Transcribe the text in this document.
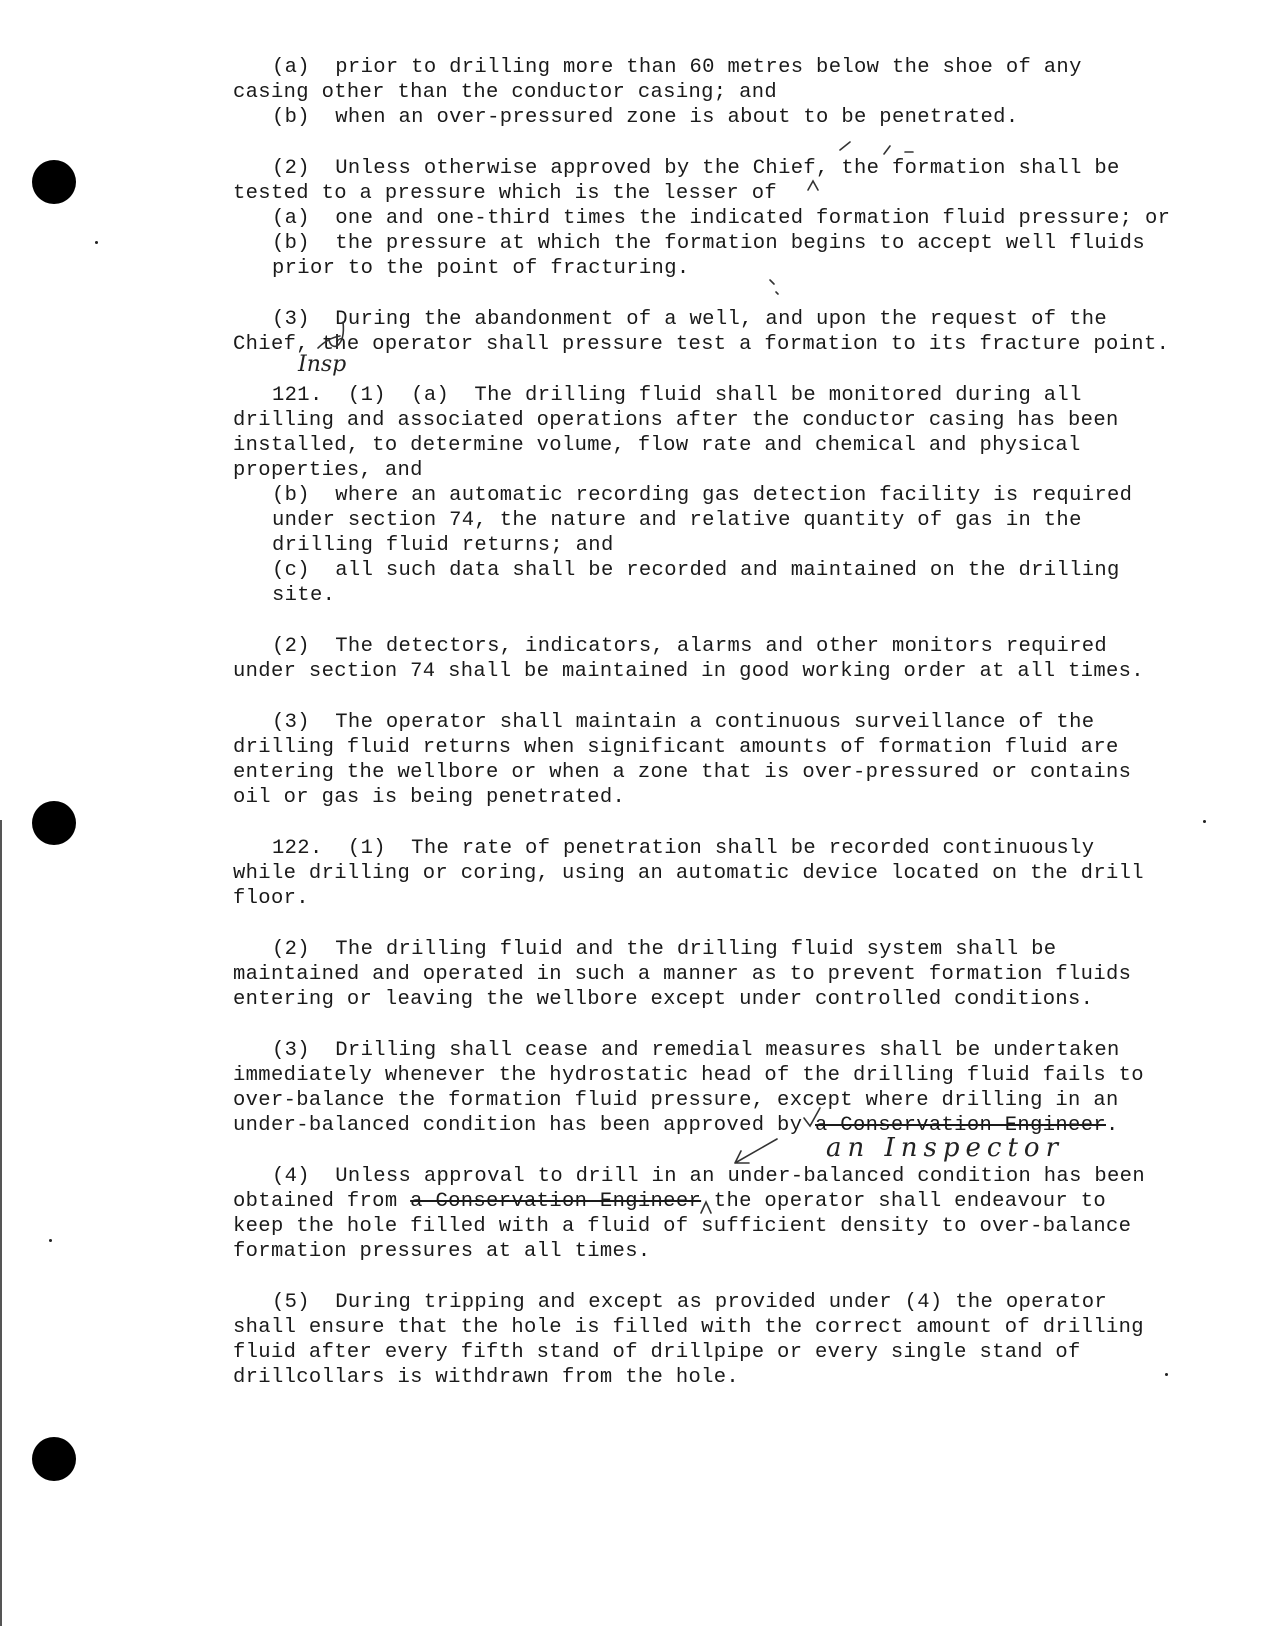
(a)  prior to drilling more than 60 metres below the shoe of any
casing other than the conductor casing; and
(b)  when an over-pressured zone is about to be penetrated.
(2)  Unless otherwise approved by the Chief, the formation shall be
tested to a pressure which is the lesser of
(a)  one and one-third times the indicated formation fluid pressure; or
(b)  the pressure at which the formation begins to accept well fluids
prior to the point of fracturing.
(3)  During the abandonment of a well, and upon the request of the
Chief, the operator shall pressure test a formation to its fracture point.
Insp
121.  (1)  (a)  The drilling fluid shall be monitored during all
drilling and associated operations after the conductor casing has been
installed, to determine volume, flow rate and chemical and physical
properties, and
(b)  where an automatic recording gas detection facility is required
under section 74, the nature and relative quantity of gas in the
drilling fluid returns; and
(c)  all such data shall be recorded and maintained on the drilling
site.
(2)  The detectors, indicators, alarms and other monitors required
under section 74 shall be maintained in good working order at all times.
(3)  The operator shall maintain a continuous surveillance of the
drilling fluid returns when significant amounts of formation fluid are
entering the wellbore or when a zone that is over-pressured or contains
oil or gas is being penetrated.
122.  (1)  The rate of penetration shall be recorded continuously
while drilling or coring, using an automatic device located on the drill
floor.
(2)  The drilling fluid and the drilling fluid system shall be
maintained and operated in such a manner as to prevent formation fluids
entering or leaving the wellbore except under controlled conditions.
(3)  Drilling shall cease and remedial measures shall be undertaken
immediately whenever the hydrostatic head of the drilling fluid fails to
over-balance the formation fluid pressure, except where drilling in an
under-balanced condition has been approved by a Conservation Engineer.
an Inspector
(4)  Unless approval to drill in an under-balanced condition has been
obtained from a Conservation Engineer the operator shall endeavour to
keep the hole filled with a fluid of sufficient density to over-balance
formation pressures at all times.
(5)  During tripping and except as provided under (4) the operator
shall ensure that the hole is filled with the correct amount of drilling
fluid after every fifth stand of drillpipe or every single stand of
drillcollars is withdrawn from the hole.
